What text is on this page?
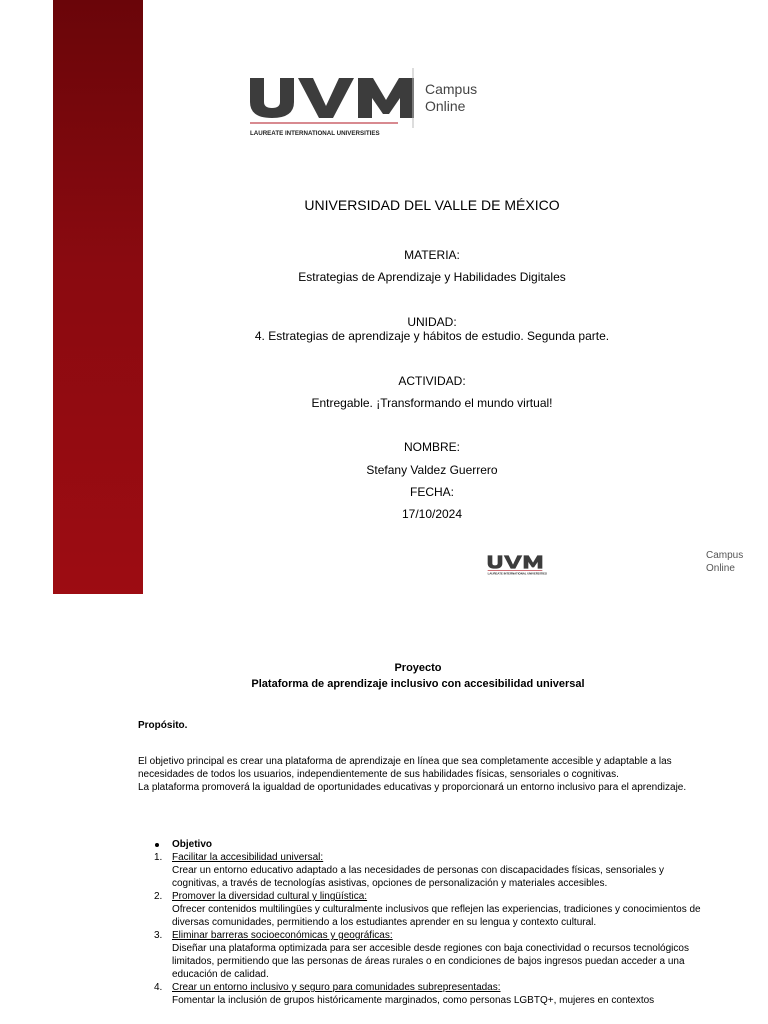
LAUREATE INTERNATIONAL UNIVERSITIES
Campus
Online
UNIVERSIDAD DEL VALLE DE MÉXICO
MATERIA:
Estrategias de Aprendizaje y Habilidades Digitales
UNIDAD:
4. Estrategias de aprendizaje y hábitos de estudio. Segunda parte.
ACTIVIDAD:
Entregable. ¡Transformando el mundo virtual!
NOMBRE:
Stefany Valdez Guerrero
FECHA:
17/10/2024
LAUREATE INTERNATIONAL UNIVERSITIES
Campus
Online
Proyecto
Plataforma de aprendizaje inclusivo con accesibilidad universal
Propósito.
El objetivo principal es crear una plataforma de aprendizaje en línea que sea completamente accesible y adaptable a las necesidades de todos los usuarios, independientemente de sus habilidades físicas, sensoriales o cognitivas.
La plataforma promoverá la igualdad de oportunidades educativas y proporcionará un entorno inclusivo para el aprendizaje.
Objetivo
1. Facilitar la accesibilidad universal:
Crear un entorno educativo adaptado a las necesidades de personas con discapacidades físicas, sensoriales y cognitivas, a través de tecnologías asistivas, opciones de personalización y materiales accesibles.
2. Promover la diversidad cultural y lingüística:
Ofrecer contenidos multilingües y culturalmente inclusivos que reflejen las experiencias, tradiciones y conocimientos de diversas comunidades, permitiendo a los estudiantes aprender en su lengua y contexto cultural.
3. Eliminar barreras socioeconómicas y geográficas:
Diseñar una plataforma optimizada para ser accesible desde regiones con baja conectividad o recursos tecnológicos limitados, permitiendo que las personas de áreas rurales o en condiciones de bajos ingresos puedan acceder a una educación de calidad.
4. Crear un entorno inclusivo y seguro para comunidades subrepresentadas:
Fomentar la inclusión de grupos históricamente marginados, como personas LGBTQ+, mujeres en contextos
